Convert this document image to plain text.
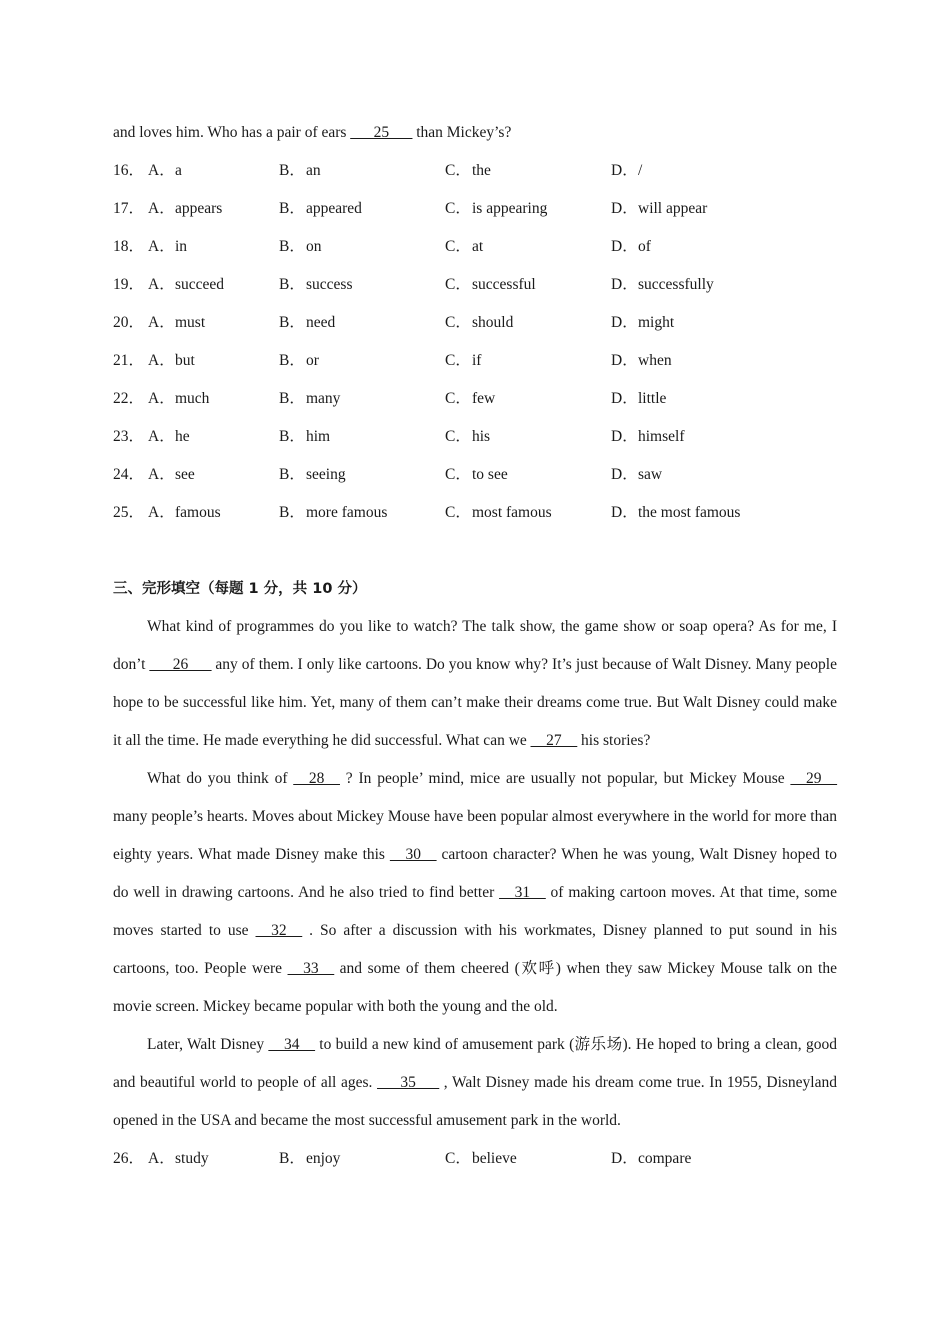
and loves him. Who has a pair of ears ___25___ than Mickey’s?
16． A．a	B．an	C．the	D．/
17． A．appears	B．appeared	C．is appearing	D．will appear
18． A．in	B．on	C．at	D．of
19． A．succeed	B．success	C．successful	D．successfully
20． A．must	B．need	C．should	D．might
21． A．but	B．or	C．if	D．when
22． A．much	B．many	C．few	D．little
23． A．he	B．him	C．his	D．himself
24． A．see	B．seeing	C．to see	D．saw
25． A．famous	B．more famous	C．most famous	D．the most famous
三、完形填空（每题 1 分，共 10 分）

What kind of programmes do you like to watch? The talk show, the game show or soap opera? As for me, I don’t ___26___ any of them. I only like cartoons. Do you know why? It’s just because of Walt Disney. Many people hope to be successful like him. Yet, many of them can’t make their dreams come true. But Walt Disney could make it all the time. He made everything he did successful. What can we __27__ his stories?

What do you think of __28__ ? In people’ mind, mice are usually not popular, but Mickey Mouse __29__ many people’s hearts. Moves about Mickey Mouse have been popular almost everywhere in the world for more than eighty years. What made Disney make this __30__ cartoon character? When he was young, Walt Disney hoped to do well in drawing cartoons. And he also tried to find better __31__ of making cartoon moves. At that time, some moves started to use __32__ . So after a discussion with his workmates, Disney planned to put sound in his cartoons, too. People were __33__ and some of them cheered (欢呼) when they saw Mickey Mouse talk on the movie screen. Mickey became popular with both the young and the old.

Later, Walt Disney __34__ to build a new kind of amusement park (游乐场). He hoped to bring a clean, good and beautiful world to people of all ages. ___35___ , Walt Disney made his dream come true. In 1955, Disneyland opened in the USA and became the most successful amusement park in the world.

26． A．study	B．enjoy	C．believe	D．compare
